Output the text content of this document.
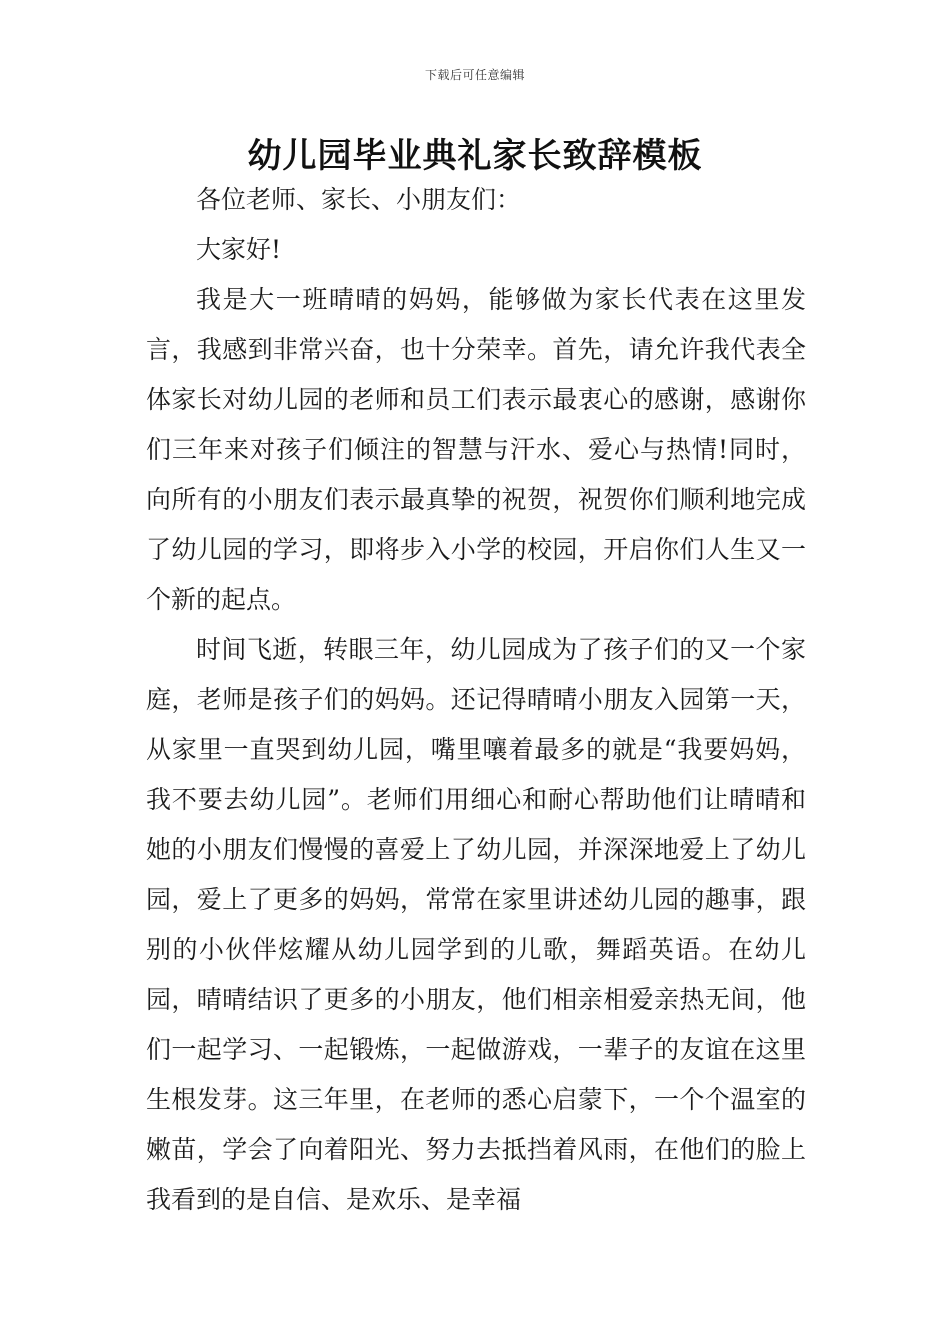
下载后可任意编辑
幼儿园毕业典礼家长致辞模板

各位老师、家长、小朋友们：

大家好!

我是大一班晴晴的妈妈，能够做为家长代表在这里发言，我感到非常兴奋，也十分荣幸。首先，请允许我代表全体家长对幼儿园的老师和员工们表示最衷心的感谢，感谢你们三年来对孩子们倾注的智慧与汗水、爱心与热情!同时，向所有的小朋友们表示最真挚的祝贺，祝贺你们顺利地完成了幼儿园的学习，即将步入小学的校园，开启你们人生又一个新的起点。

时间飞逝，转眼三年，幼儿园成为了孩子们的又一个家庭，老师是孩子们的妈妈。还记得晴晴小朋友入园第一天，从家里一直哭到幼儿园，嘴里嚷着最多的就是“我要妈妈，我不要去幼儿园”。老师们用细心和耐心帮助他们让晴晴和她的小朋友们慢慢的喜爱上了幼儿园，并深深地爱上了幼儿园，爱上了更多的妈妈，常常在家里讲述幼儿园的趣事，跟别的小伙伴炫耀从幼儿园学到的儿歌，舞蹈英语。在幼儿园，晴晴结识了更多的小朋友，他们相亲相爱亲热无间，他们一起学习、一起锻炼，一起做游戏，一辈子的友谊在这里生根发芽。这三年里，在老师的悉心启蒙下，一个个温室的嫩苗，学会了向着阳光、努力去抵挡着风雨，在他们的脸上我看到的是自信、是欢乐、是幸福
